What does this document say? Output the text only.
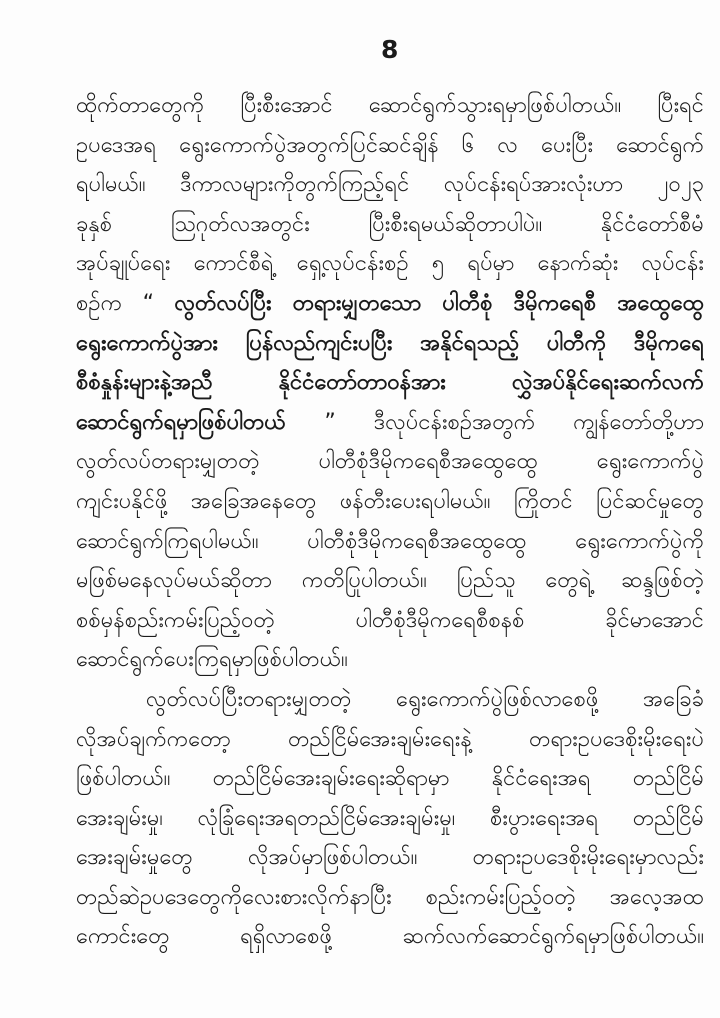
8
ထိုက်တာတွေကို ပြီးစီးအောင် ဆောင်ရွက်သွားရမှာဖြစ်ပါတယ်။ ပြီးရင်
ဥပဒေအရ ရွေးကောက်ပွဲအတွက်ပြင်ဆင်ချိန် ၆ လ ပေးပြီး ဆောင်ရွက်
ရပါမယ်။ ဒီကာလများကိုတွက်ကြည့်ရင် လုပ်ငန်းရပ်အားလုံးဟာ ၂၀၂၃
ခုနှစ် သြဂုတ်လအတွင်း ပြီးစီးရမယ်ဆိုတာပါပဲ။ နိုင်ငံတော်စီမံ
အုပ်ချုပ်ရေး ကောင်စီရဲ့ ရှေ့လုပ်ငန်းစဉ် ၅ ရပ်မှာ နောက်ဆုံး လုပ်ငန်း
စဉ်က “ လွတ်လပ်ပြီး တရားမျှတသော ပါတီစုံ ဒီမိုကရေစီ အထွေထွေ
ရွေးကောက်ပွဲအား ပြန်လည်ကျင်းပပြီး အနိုင်ရသည့် ပါတီကို ဒီမိုကရေ
စီစံနှုန်းများနဲ့အညီ နိုင်ငံတော်တာဝန်အား လွှဲအပ်နိုင်ရေးဆက်လက်
ဆောင်ရွက်ရမှာဖြစ်ပါတယ် ” ဒီလုပ်ငန်းစဉ်အတွက် ကျွန်တော်တို့ဟာ
လွတ်လပ်တရားမျှတတဲ့ ပါတီစုံဒီမိုကရေစီအထွေထွေ ရွေးကောက်ပွဲ
ကျင်းပနိုင်ဖို့ အခြေအနေတွေ ဖန်တီးပေးရပါမယ်။ ကြိုတင် ပြင်ဆင်မှုတွေ
ဆောင်ရွက်ကြရပါမယ်။ ပါတီစုံဒီမိုကရေစီအထွေထွေ ရွေးကောက်ပွဲကို
မဖြစ်မနေလုပ်မယ်ဆိုတာ ကတိပြုပါတယ်။ ပြည်သူ တွေရဲ့ ဆန္ဒဖြစ်တဲ့
စစ်မှန်စည်းကမ်းပြည့်ဝတဲ့ ပါတီစုံဒီမိုကရေစီစနစ် ခိုင်မာအောင်
ဆောင်ရွက်ပေးကြရမှာဖြစ်ပါတယ်။
လွတ်လပ်ပြီးတရားမျှတတဲ့ ရွေးကောက်ပွဲဖြစ်လာစေဖို့ အခြေခံ
လိုအပ်ချက်ကတော့ တည်ငြိမ်အေးချမ်းရေးနဲ့ တရားဥပဒေစိုးမိုးရေးပဲ
ဖြစ်ပါတယ်။ တည်ငြိမ်အေးချမ်းရေးဆိုရာမှာ နိုင်ငံရေးအရ တည်ငြိမ်
အေးချမ်းမှု၊ လုံခြုံရေးအရတည်ငြိမ်အေးချမ်းမှု၊ စီးပွားရေးအရ တည်ငြိမ်
အေးချမ်းမှုတွေ လိုအပ်မှာဖြစ်ပါတယ်။ တရားဥပဒေစိုးမိုးရေးမှာလည်း
တည်ဆဲဥပဒေတွေကိုလေးစားလိုက်နာပြီး စည်းကမ်းပြည့်ဝတဲ့ အလေ့အထ
ကောင်းတွေ ရရှိလာစေဖို့ ဆက်လက်ဆောင်ရွက်ရမှာဖြစ်ပါတယ်။
